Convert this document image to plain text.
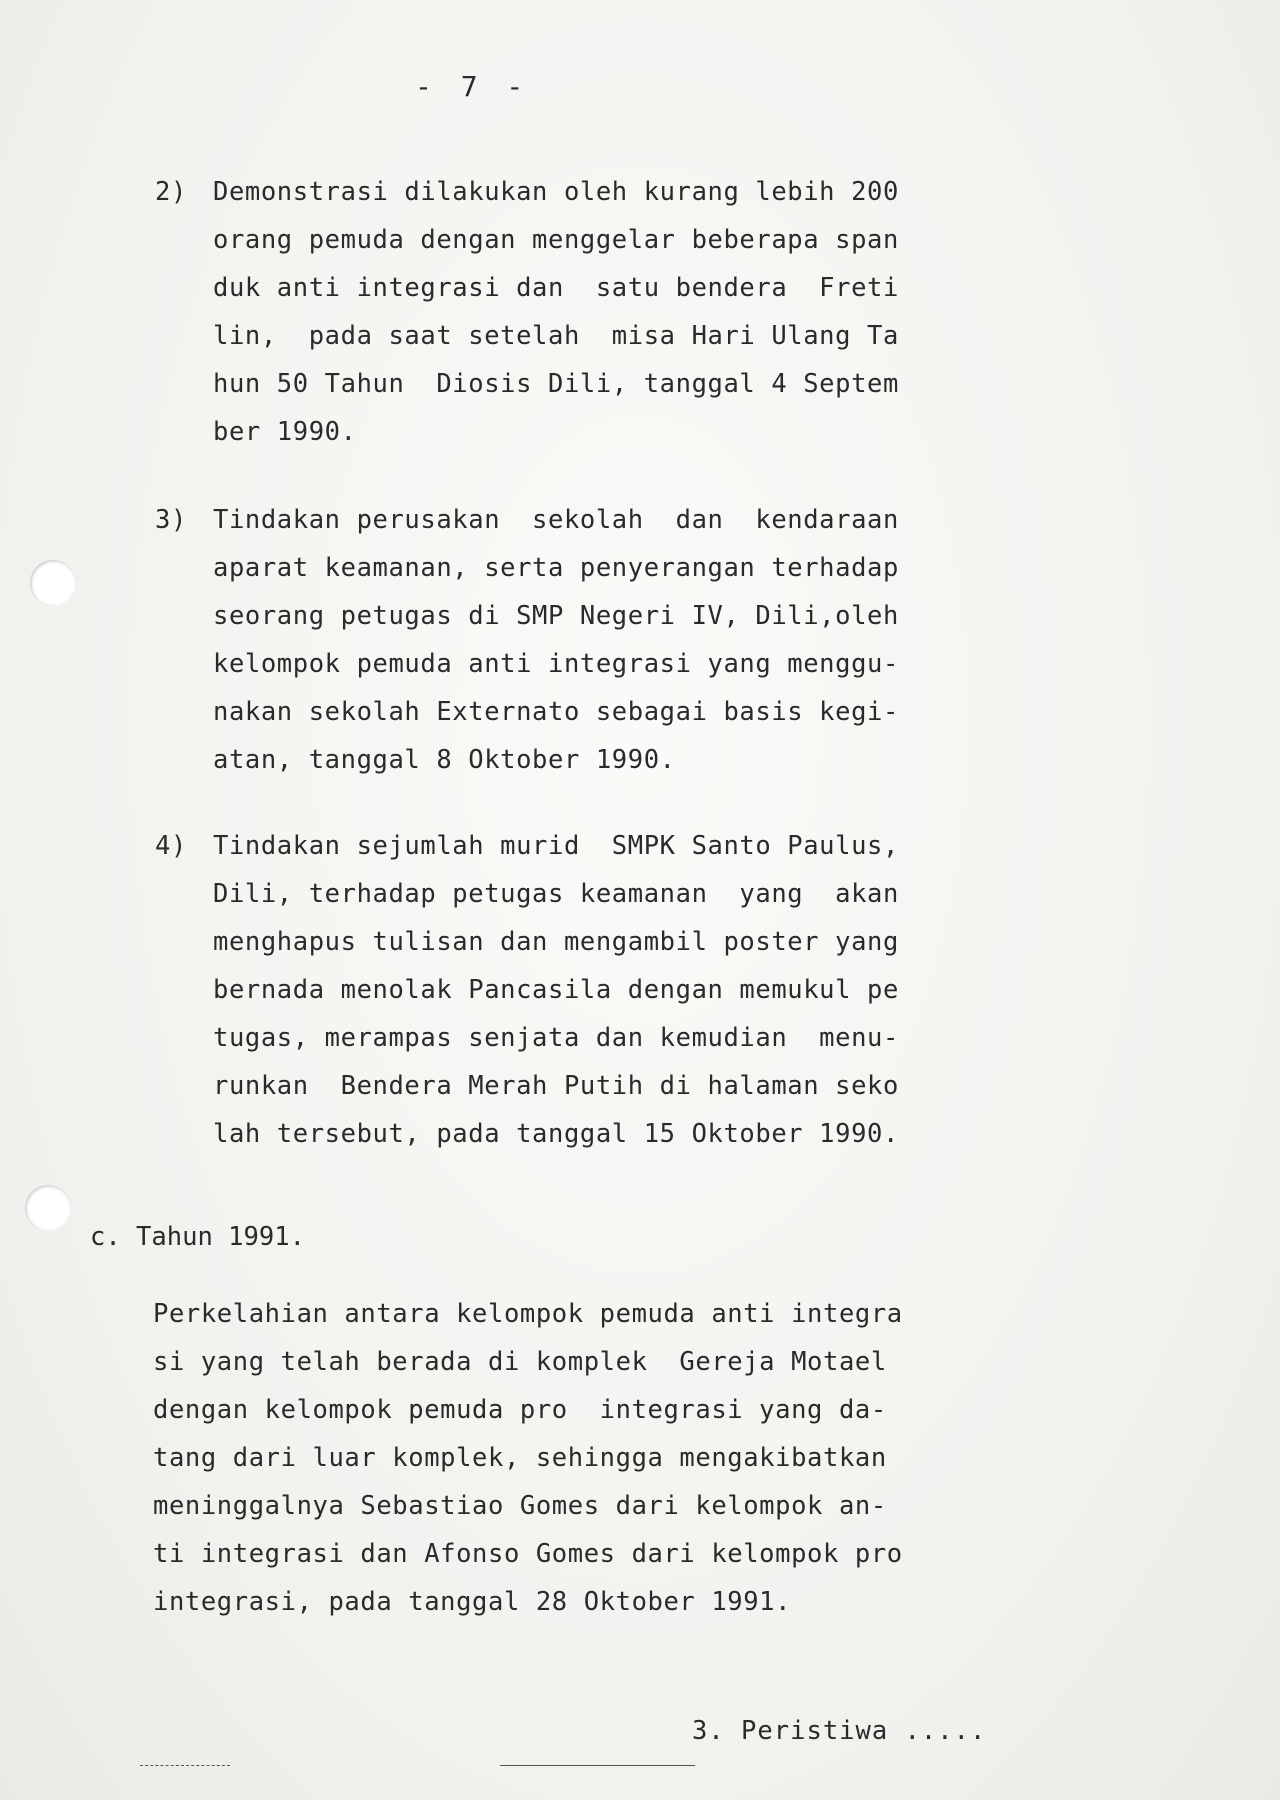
- 7 -
2) Demonstrasi dilakukan oleh kurang lebih 200
orang pemuda dengan menggelar beberapa span
duk anti integrasi dan  satu bendera  Freti
lin,  pada saat setelah  misa Hari Ulang Ta
hun 50 Tahun  Diosis Dili, tanggal 4 Septem
ber 1990.
3) Tindakan perusakan  sekolah  dan  kendaraan
aparat keamanan, serta penyerangan terhadap
seorang petugas di SMP Negeri IV, Dili,oleh
kelompok pemuda anti integrasi yang menggu-
nakan sekolah Externato sebagai basis kegi-
atan, tanggal 8 Oktober 1990.
4) Tindakan sejumlah murid  SMPK Santo Paulus,
Dili, terhadap petugas keamanan  yang  akan
menghapus tulisan dan mengambil poster yang
bernada menolak Pancasila dengan memukul pe
tugas, merampas senjata dan kemudian  menu-
runkan  Bendera Merah Putih di halaman seko
lah tersebut, pada tanggal 15 Oktober 1990.
c. Tahun 1991.
Perkelahian antara kelompok pemuda anti integra
si yang telah berada di komplek  Gereja Motael
dengan kelompok pemuda pro  integrasi yang da-
tang dari luar komplek, sehingga mengakibatkan
meninggalnya Sebastiao Gomes dari kelompok an-
ti integrasi dan Afonso Gomes dari kelompok pro
integrasi, pada tanggal 28 Oktober 1991.
3. Peristiwa .....
